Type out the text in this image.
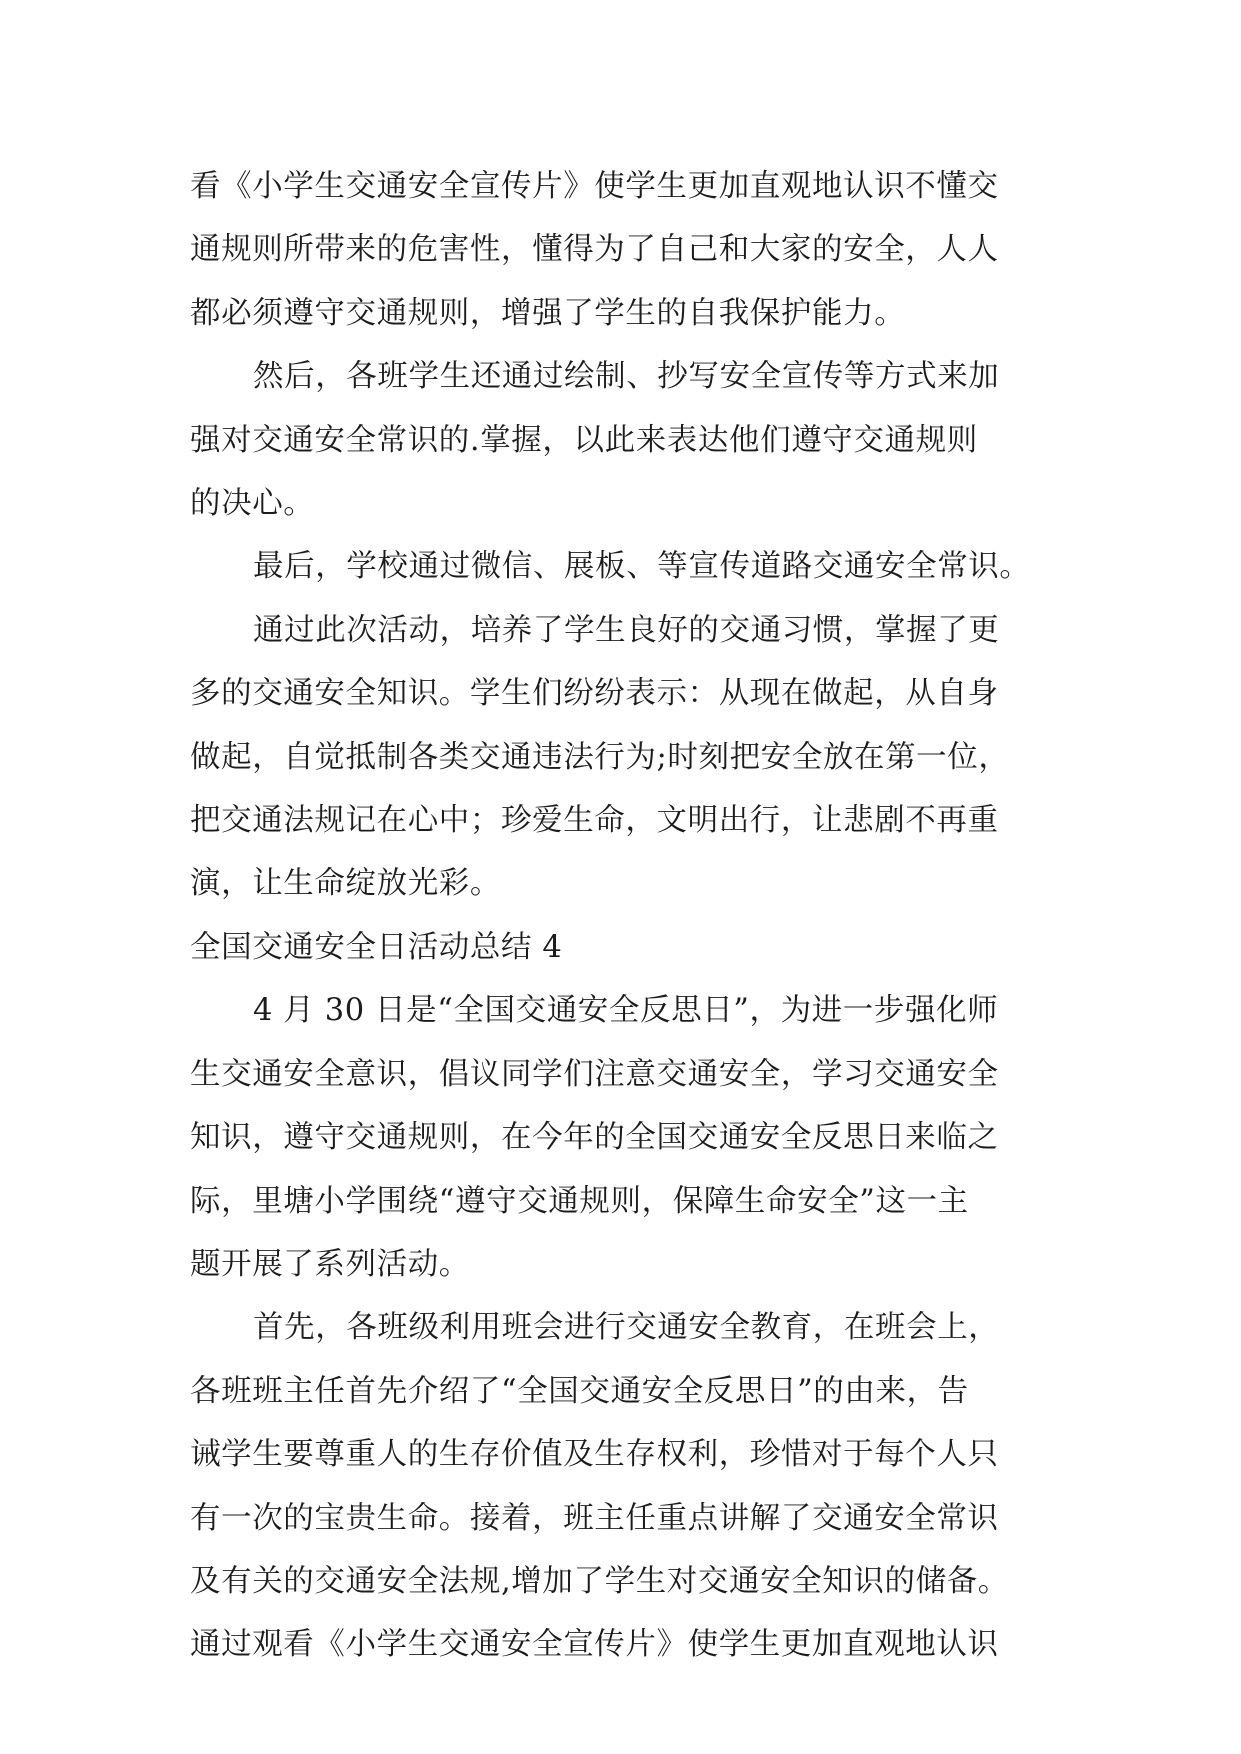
看《小学生交通安全宣传片》使学生更加直观地认识不懂交

通规则所带来的危害性，懂得为了自己和大家的安全，人人

都必须遵守交通规则，增强了学生的自我保护能力。

然后，各班学生还通过绘制、抄写安全宣传等方式来加

强对交通安全常识的.掌握，以此来表达他们遵守交通规则

的决心。

最后，学校通过微信、展板、等宣传道路交通安全常识。

通过此次活动，培养了学生良好的交通习惯，掌握了更

多的交通安全知识。学生们纷纷表示：从现在做起，从自身

做起，自觉抵制各类交通违法行为;时刻把安全放在第一位，

把交通法规记在心中；珍爱生命，文明出行，让悲剧不再重

演，让生命绽放光彩。

全国交通安全日活动总结 4

4 月 30 日是“全国交通安全反思日”，为进一步强化师

生交通安全意识，倡议同学们注意交通安全，学习交通安全

知识，遵守交通规则，在今年的全国交通安全反思日来临之

际，里塘小学围绕“遵守交通规则，保障生命安全”这一主

题开展了系列活动。

首先，各班级利用班会进行交通安全教育，在班会上，

各班班主任首先介绍了“全国交通安全反思日”的由来，告

诫学生要尊重人的生存价值及生存权利，珍惜对于每个人只

有一次的宝贵生命。接着，班主任重点讲解了交通安全常识

及有关的交通安全法规,增加了学生对交通安全知识的储备。

通过观看《小学生交通安全宣传片》使学生更加直观地认识
